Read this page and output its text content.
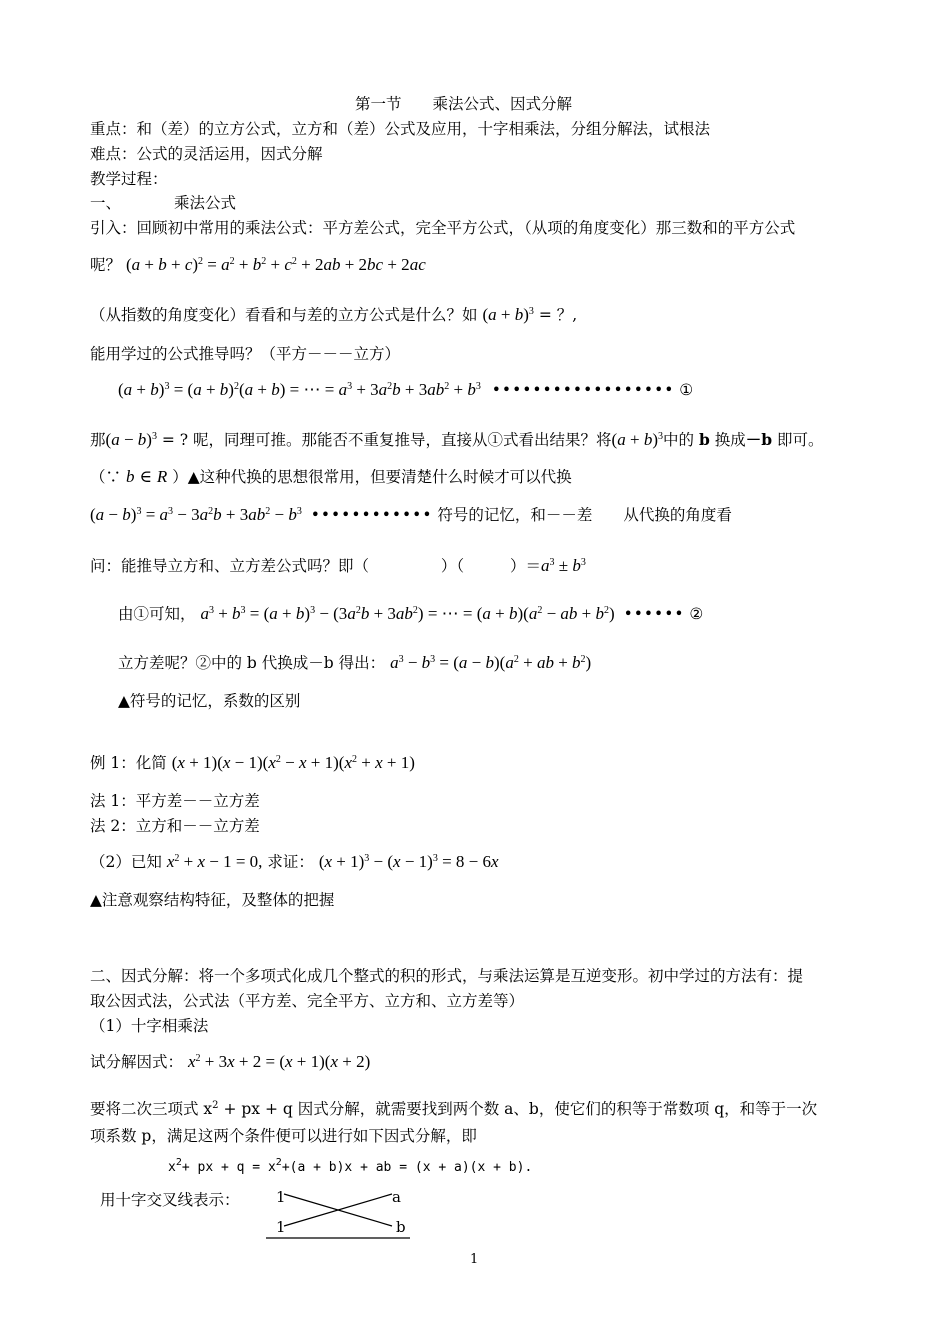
第一节　　乘法公式、因式分解
重点：和（差）的立方公式，立方和（差）公式及应用，十字相乘法，分组分解法，试根法
难点：公式的灵活运用，因式分解
教学过程：
一、	乘法公式
引入：回顾初中常用的乘法公式：平方差公式，完全平方公式，（从项的角度变化）那三数和的平方公式
呢？ $(a + b + c)^2 = a^2 + b^2 + c^2 + 2ab + 2bc + 2ac$
（从指数的角度变化）看看和与差的立方公式是什么？如 $(a + b)^3$ = ？,
能用学过的公式推导吗？（平方－－－立方）
$(a + b)^3 = (a + b)^2(a + b)$ = ⋯ = $a^3 + 3a^2b + 3ab^2 + b^3$ •••••••••••••••••• ①
那$(a - b)^3$ = ? 呢，同理可推。那能否不重复推导，直接从①式看出结果？将$(a + b)^3$中的 b 换成－b 即可。
（∵ b ∈ R ）▲这种代换的思想很常用，但要清楚什么时候才可以代换
$(a - b)^3 = a^3 - 3a^2b + 3ab^2 - b^3$ •••••••••••• 符号的记忆，和－－差　　从代换的角度看
问：能推导立方和、立方差公式吗？即（	）（	）$=a^3 \pm b^3$
由①可知， $a^3 + b^3 = (a + b)^3 - (3a^2b + 3ab^2)$ = ⋯ = $(a + b)(a^2$ − ab + $b^2$) •••••• ②
立方差呢？②中的 b 代换成－b 得出： $a^3 - b^3 = (a - b)(a^2$ + ab + $b^2$)
▲符号的记忆，系数的区别
例 1：化简 $(x + 1)(x - 1)(x^2 - x + 1)(x^2 + x + 1)$
法 1：平方差－－立方差
法 2：立方和－－立方差
（2）已知 $x^2 + x - 1 = 0$, 求证： $(x + 1)^3 - (x - 1)^3 = 8 - 6x$
▲注意观察结构特征，及整体的把握
二、因式分解：将一个多项式化成几个整式的积的形式，与乘法运算是互逆变形。初中学过的方法有：提
取公因式法，公式法（平方差、完全平方、立方和、立方差等）
（1）十字相乘法
试分解因式： $x^2 + 3x + 2 = (x + 1)(x + 2)$
要将二次三项式 $x^2$ + px + q 因式分解，就需要找到两个数 a、b，使它们的积等于常数项 q，和等于一次
项系数 p，满足这两个条件便可以进行如下因式分解，即
$x^2+$ px + $q = x^2+(a + b)x$ + ab = (x + a)(x + b).
用十字交叉线表示： 1	a
1	b
1
